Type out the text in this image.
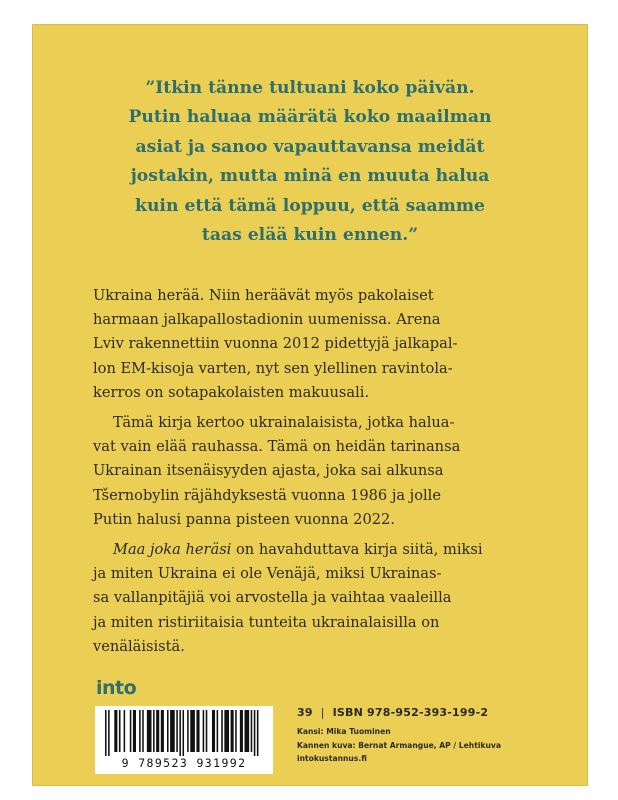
”Itkin tänne tultuani koko päivän.
Putin haluaa määrätä koko maailman
asiat ja sanoo vapauttavansa meidät
jostakin, mutta minä en muuta halua
kuin että tämä loppuu, että saamme
taas elää kuin ennen.”

Ukraina herää. Niin heräävät myös pakolaiset
harmaan jalkapallostadionin uumenissa. Arena
Lviv rakennettiin vuonna 2012 pidettyjä jalkapal-
lon EM-kisoja varten, nyt sen ylellinen ravintola-
kerros on sotapakolaisten makuusali.
Tämä kirja kertoo ukrainalaisista, jotka halua-
vat vain elää rauhassa. Tämä on heidän tarinansa
Ukrainan itsenäisyyden ajasta, joka sai alkunsa
Tšernobylin räjähdyksestä vuonna 1986 ja jolle
Putin halusi panna pisteen vuonna 2022.
Maa joka heräsi on havahduttava kirja siitä, miksi
ja miten Ukraina ei ole Venäjä, miksi Ukrainas-
sa vallanpitäjiä voi arvostella ja vaihtaa vaaleilla
ja miten ristiriitaisia tunteita ukrainalaisilla on
venäläisistä.
into
9 789523 931992
39 | ISBN 978-952-393-199-2
Kansi: Mika Tuominen
Kannen kuva: Bernat Armangue, AP / Lehtikuva
intokustannus.fi
